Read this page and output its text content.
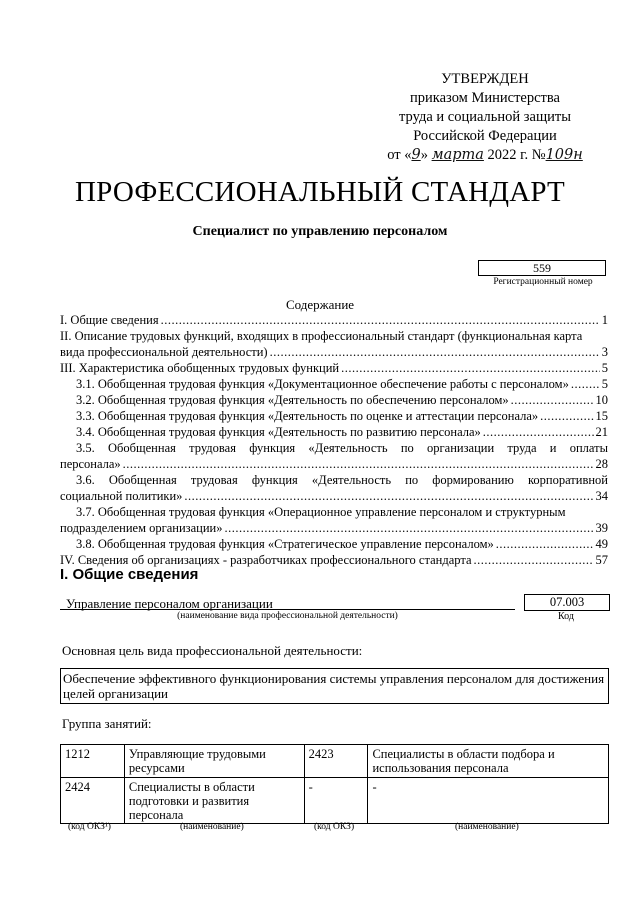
УТВЕРЖДЕН
приказом Министерства
труда и социальной защиты
Российской Федерации
от «9» марта 2022 г. №109н
ПРОФЕССИОНАЛЬНЫЙ СТАНДАРТ
Специалист по управлению персоналом
559
Регистрационный номер
Содержание
I. Общие сведения .....	1
II. Описание трудовых функций, входящих в профессиональный стандарт (функциональная карта
вида профессиональной деятельности) .....	3
III. Характеристика обобщенных трудовых функций .....	5
3.1. Обобщенная трудовая функция «Документационное обеспечение работы с персоналом» .....	5
3.2. Обобщенная трудовая функция «Деятельность по обеспечению персоналом» .....	10
3.3. Обобщенная трудовая функция «Деятельность по оценке и аттестации персонала» .....	15
3.4. Обобщенная трудовая функция «Деятельность по развитию персонала» .....	21
3.5. Обобщенная трудовая функция «Деятельность по организации труда и оплаты
персонала» .....	28
3.6. Обобщенная трудовая функция «Деятельность по формированию корпоративной
социальной политики» .....	34
3.7. Обобщенная трудовая функция «Операционное управление персоналом и структурным
подразделением организации» .....	39
3.8. Обобщенная трудовая функция «Стратегическое управление персоналом» .....	49
IV. Сведения об организациях - разработчиках профессионального стандарта .....	57
I. Общие сведения
Управление персоналом организации
(наименование вида профессиональной деятельности)
07.003
Код
Основная цель вида профессиональной деятельности:
Обеспечение эффективного функционирования системы управления персоналом для достижения целей организации
Группа занятий:
1212	Управляющие трудовыми ресурсами	2423	Специалисты в области подбора и использования персонала
2424	Специалисты в области подготовки и развития персонала	-	-
(код ОКЗ¹)	(наименование)	(код ОКЗ)	(наименование)
